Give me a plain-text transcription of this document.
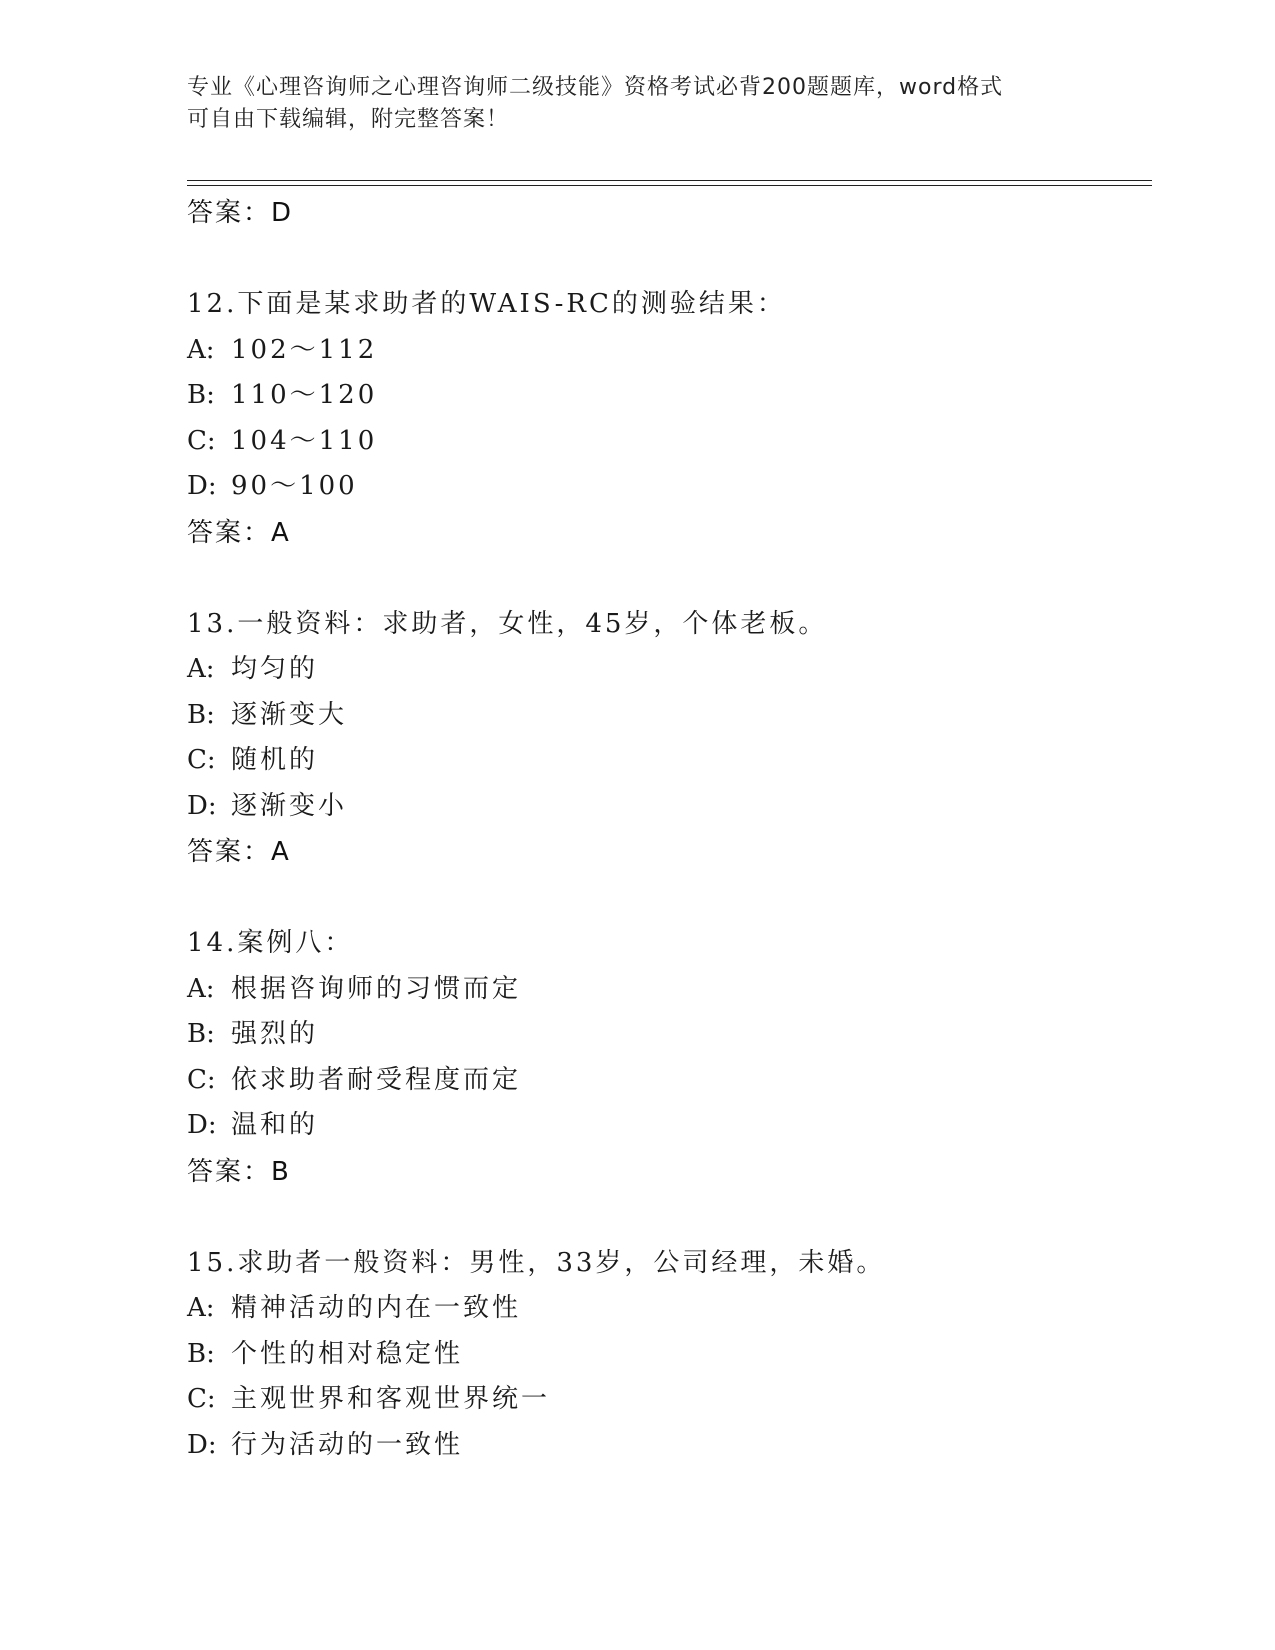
专业《心理咨询师之心理咨询师二级技能》资格考试必背200题题库，word格式
可自由下载编辑，附完整答案！
答案：D
12.下面是某求助者的WAIS-RC的测验结果：
A: 102～112
B: 110～120
C: 104～110
D: 90～100
答案：A
13.一般资料：求助者，女性，45岁，个体老板。
A: 均匀的
B: 逐渐变大
C: 随机的
D: 逐渐变小
答案：A
14.案例八：
A: 根据咨询师的习惯而定
B: 强烈的
C: 依求助者耐受程度而定
D: 温和的
答案：B
15.求助者一般资料：男性，33岁，公司经理，未婚。
A: 精神活动的内在一致性
B: 个性的相对稳定性
C: 主观世界和客观世界统一
D: 行为活动的一致性
